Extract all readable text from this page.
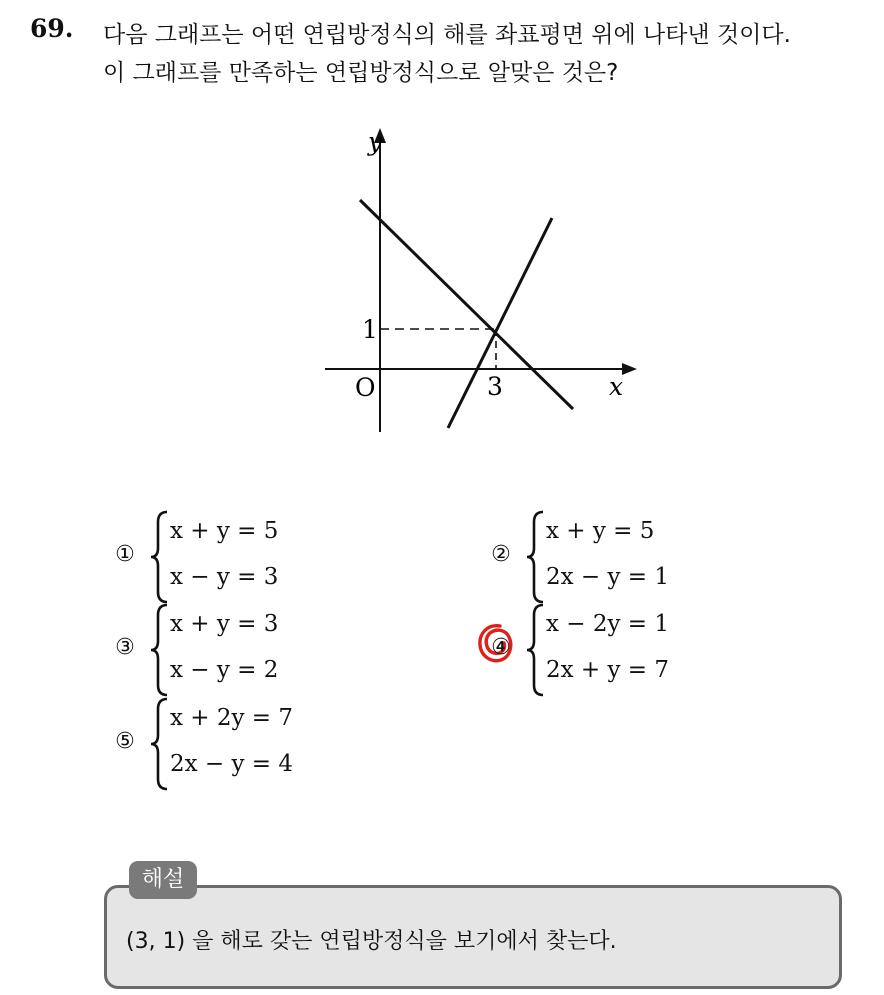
69. 다음 그래프는 어떤 연립방정식의 해를 좌표평면 위에 나타낸 것이다.
이 그래프를 만족하는 연립방정식으로 알맞은 것은?
y
x
O
1
3
①
x + y = 5
x − y = 3
②
x + y = 5
2x − y = 1
③
x + y = 3
x − y = 2
④
x − 2y = 1
2x + y = 7
⑤
x + 2y = 7
2x − y = 4
해설
(3, 1) 을 해로 갖는 연립방정식을 보기에서 찾는다.
